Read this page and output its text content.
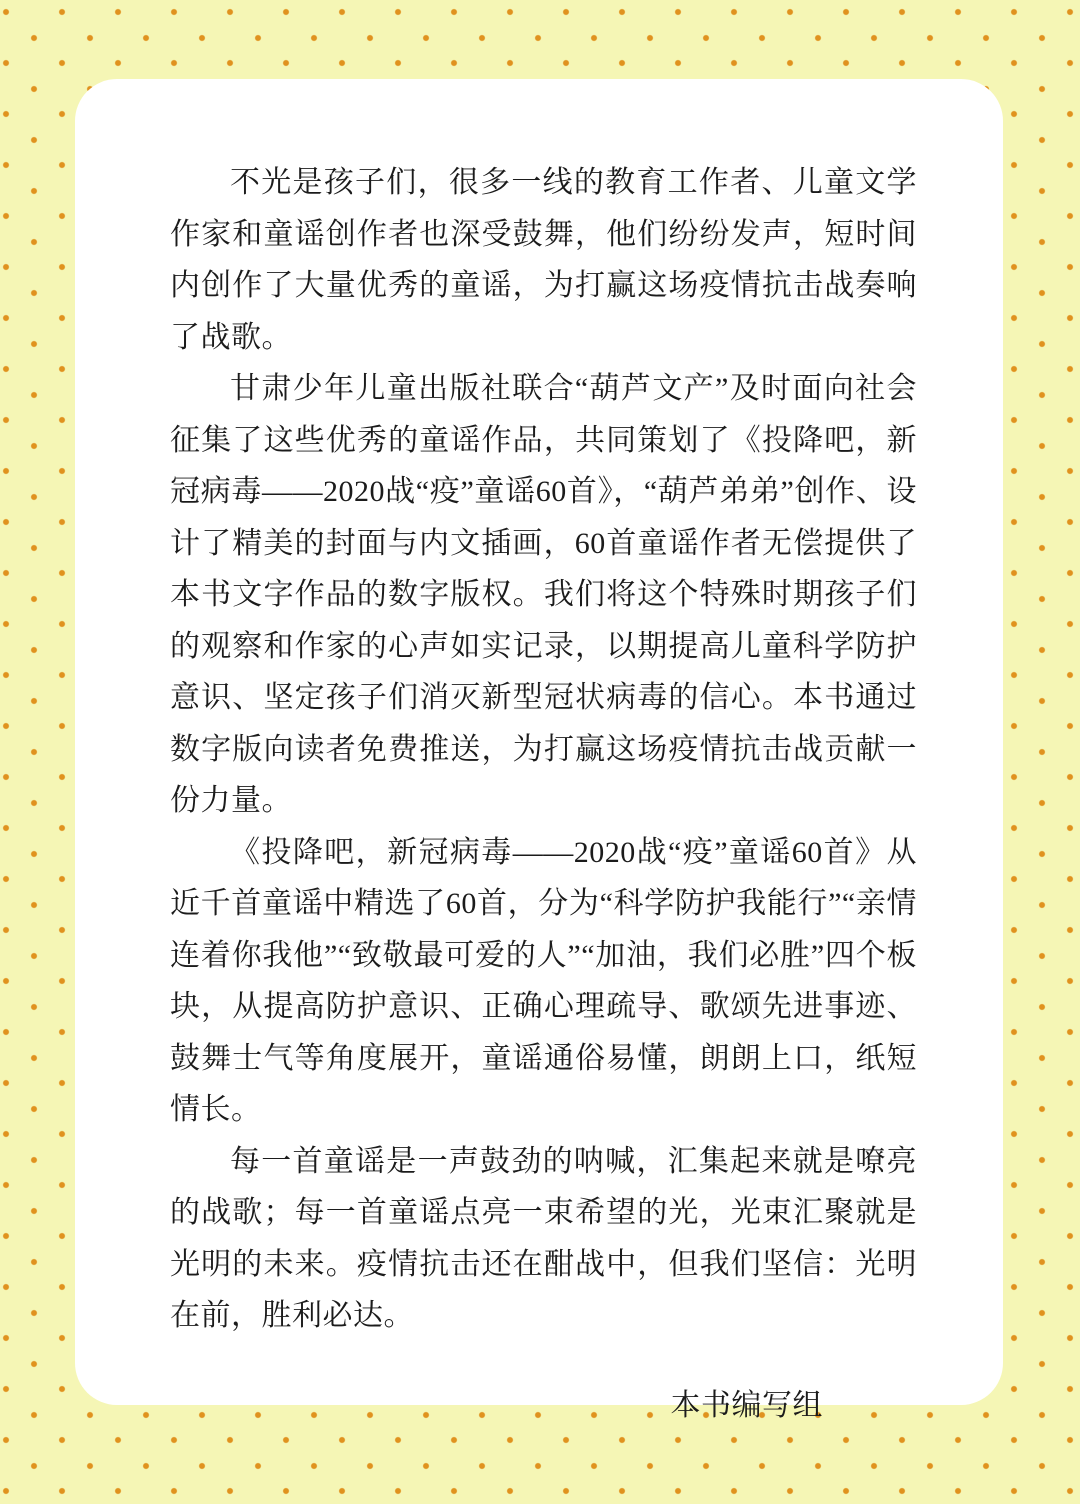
不光是孩子们，很多一线的教育工作者、儿童文学作家和童谣创作者也深受鼓舞，他们纷纷发声，短时间内创作了大量优秀的童谣，为打赢这场疫情抗击战奏响了战歌。

甘肃少年儿童出版社联合“葫芦文产”及时面向社会征集了这些优秀的童谣作品，共同策划了《投降吧，新冠病毒——2020战“疫”童谣60首》，“葫芦弟弟”创作、设计了精美的封面与内文插画，60首童谣作者无偿提供了本书文字作品的数字版权。我们将这个特殊时期孩子们的观察和作家的心声如实记录，以期提高儿童科学防护意识、坚定孩子们消灭新型冠状病毒的信心。本书通过数字版向读者免费推送，为打赢这场疫情抗击战贡献一份力量。

《投降吧，新冠病毒——2020战“疫”童谣60首》从近千首童谣中精选了60首，分为“科学防护我能行”“亲情连着你我他”“致敬最可爱的人”“加油，我们必胜”四个板块，从提高防护意识、正确心理疏导、歌颂先进事迹、鼓舞士气等角度展开，童谣通俗易懂，朗朗上口，纸短情长。

每一首童谣是一声鼓劲的呐喊，汇集起来就是嘹亮的战歌；每一首童谣点亮一束希望的光，光束汇聚就是光明的未来。疫情抗击还在酣战中，但我们坚信：光明在前，胜利必达。

本书编写组
